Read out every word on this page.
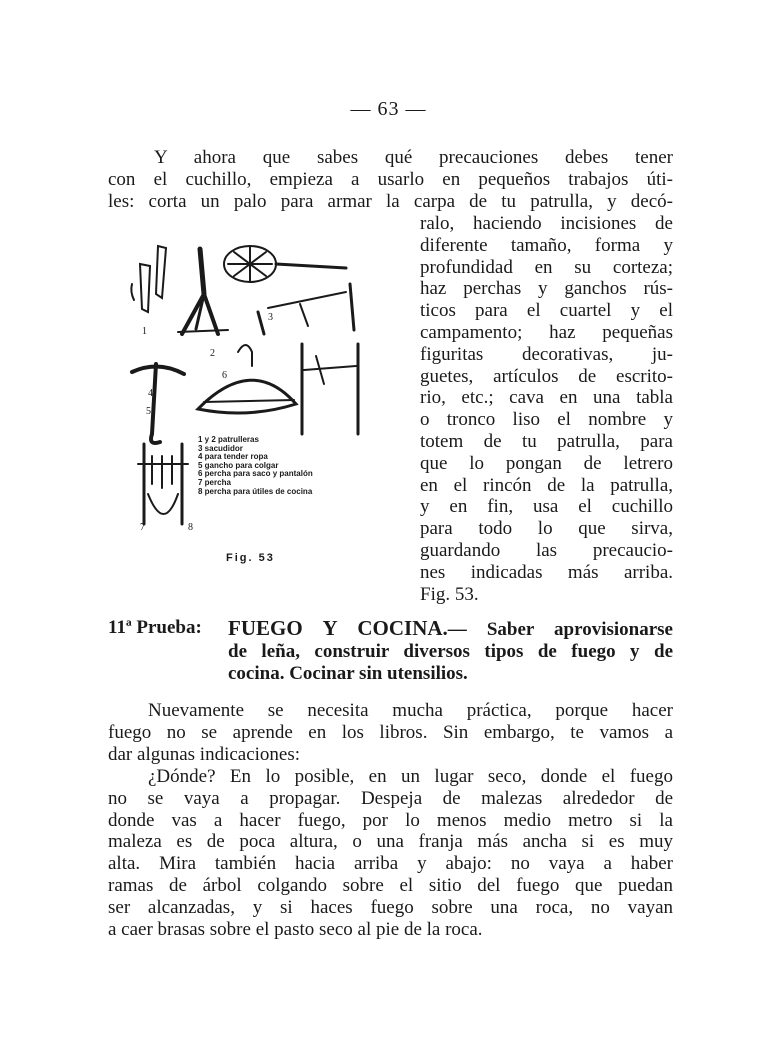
— 63 —
Y ahora que sabes qué precauciones debes tener
con el cuchillo, empieza a usarlo en pequeños trabajos úti-
les: corta un palo para armar la carpa de tu patrulla, y decó-
ralo, haciendo incisiones de
diferente tamaño, forma y
profundidad en su corteza;
haz perchas y ganchos rús-
ticos para el cuartel y el
campamento; haz pequeñas
figuritas decorativas, ju-
guetes, artículos de escrito-
rio, etc.; cava en una tabla
o tronco liso el nombre y
totem de tu patrulla, para
que lo pongan de letrero
en el rincón de la patrulla,
y en fin, usa el cuchillo
para todo lo que sirva,
guardando las precaucio-
nes indicadas más arriba.
Fig. 53.
1
2
3
4
5
6
7	8
1 y 2 patrulleras
3 sacudidor
4 para tender ropa
5 gancho para colgar
6 percha para saco y pantalón
7 percha
8 percha para útiles de cocina
Fig. 53
11ª Prueba: FUEGO Y COCINA.— Saber aprovisionarse
de leña, construir diversos tipos de fuego y de
cocina. Cocinar sin utensilios.
Nuevamente se necesita mucha práctica, porque hacer
fuego no se aprende en los libros. Sin embargo, te vamos a
dar algunas indicaciones:
¿Dónde? En lo posible, en un lugar seco, donde el fuego
no se vaya a propagar. Despeja de malezas alrededor de
donde vas a hacer fuego, por lo menos medio metro si la
maleza es de poca altura, o una franja más ancha si es muy
alta. Mira también hacia arriba y abajo: no vaya a haber
ramas de árbol colgando sobre el sitio del fuego que puedan
ser alcanzadas, y si haces fuego sobre una roca, no vayan
a caer brasas sobre el pasto seco al pie de la roca.
